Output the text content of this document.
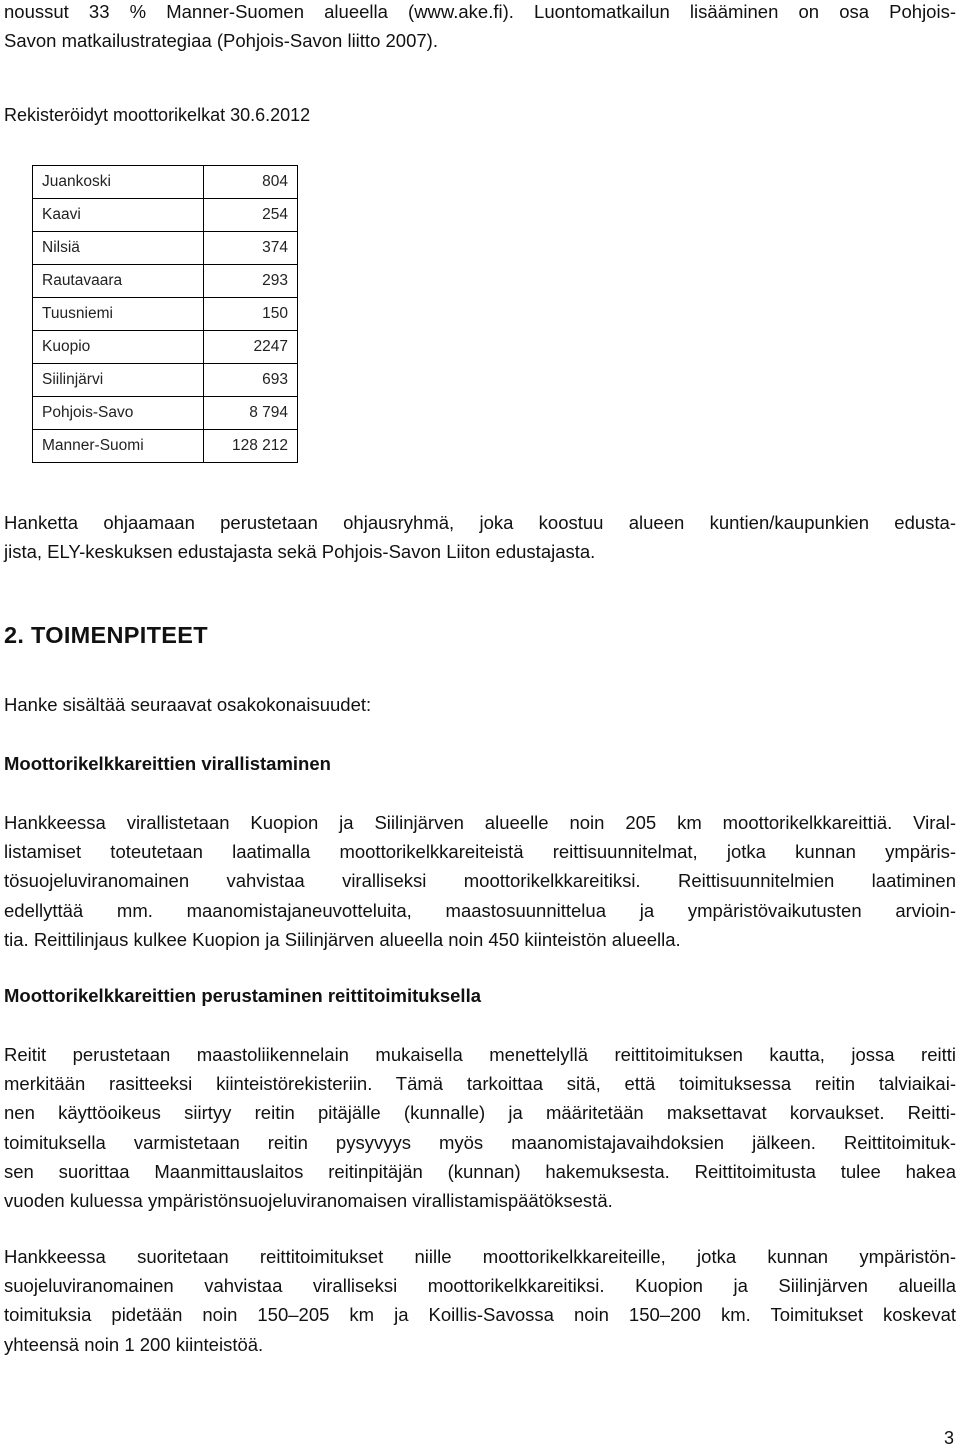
noussut 33 % Manner-Suomen alueella (www.ake.fi). Luontomatkailun lisääminen on osa Pohjois-
Savon matkailustrategiaa (Pohjois-Savon liitto 2007).
Rekisteröidyt moottorikelkat 30.6.2012
Juankoski	804
Kaavi	254
Nilsiä	374
Rautavaara	293
Tuusniemi	150
Kuopio	2247
Siilinjärvi	693
Pohjois-Savo	8 794
Manner-Suomi	128 212
Hanketta ohjaamaan perustetaan ohjausryhmä, joka koostuu alueen kuntien/kaupunkien edusta-
jista, ELY-keskuksen edustajasta sekä Pohjois-Savon Liiton edustajasta.
2. TOIMENPITEET
Hanke sisältää seuraavat osakokonaisuudet:
Moottorikelkkareittien virallistaminen
Hankkeessa virallistetaan Kuopion ja Siilinjärven alueelle noin 205 km moottorikelkkareittiä. Viral-
listamiset toteutetaan laatimalla moottorikelkkareiteistä reittisuunnitelmat, jotka kunnan ympäris-
tösuojeluviranomainen vahvistaa viralliseksi moottorikelkkareitiksi. Reittisuunnitelmien laatiminen
edellyttää mm. maanomistajaneuvotteluita, maastosuunnittelua ja ympäristövaikutusten arvioin-
tia. Reittilinjaus kulkee Kuopion ja Siilinjärven alueella noin 450 kiinteistön alueella.
Moottorikelkkareittien perustaminen reittitoimituksella
Reitit perustetaan maastoliikennelain mukaisella menettelyllä reittitoimituksen kautta, jossa reitti
merkitään rasitteeksi kiinteistörekisteriin. Tämä tarkoittaa sitä, että toimituksessa reitin talviaikai-
nen käyttöoikeus siirtyy reitin pitäjälle (kunnalle) ja määritetään maksettavat korvaukset. Reitti-
toimituksella varmistetaan reitin pysyvyys myös maanomistajavaihdoksien jälkeen. Reittitoimituk-
sen suorittaa Maanmittauslaitos reitinpitäjän (kunnan) hakemuksesta. Reittitoimitusta tulee hakea
vuoden kuluessa ympäristönsuojeluviranomaisen virallistamispäätöksestä.
Hankkeessa suoritetaan reittitoimitukset niille moottorikelkkareiteille, jotka kunnan ympäristön-
suojeluviranomainen vahvistaa viralliseksi moottorikelkkareitiksi. Kuopion ja Siilinjärven alueilla
toimituksia pidetään noin 150–205 km ja Koillis-Savossa noin 150–200 km. Toimitukset koskevat
yhteensä noin 1 200 kiinteistöä.
3
